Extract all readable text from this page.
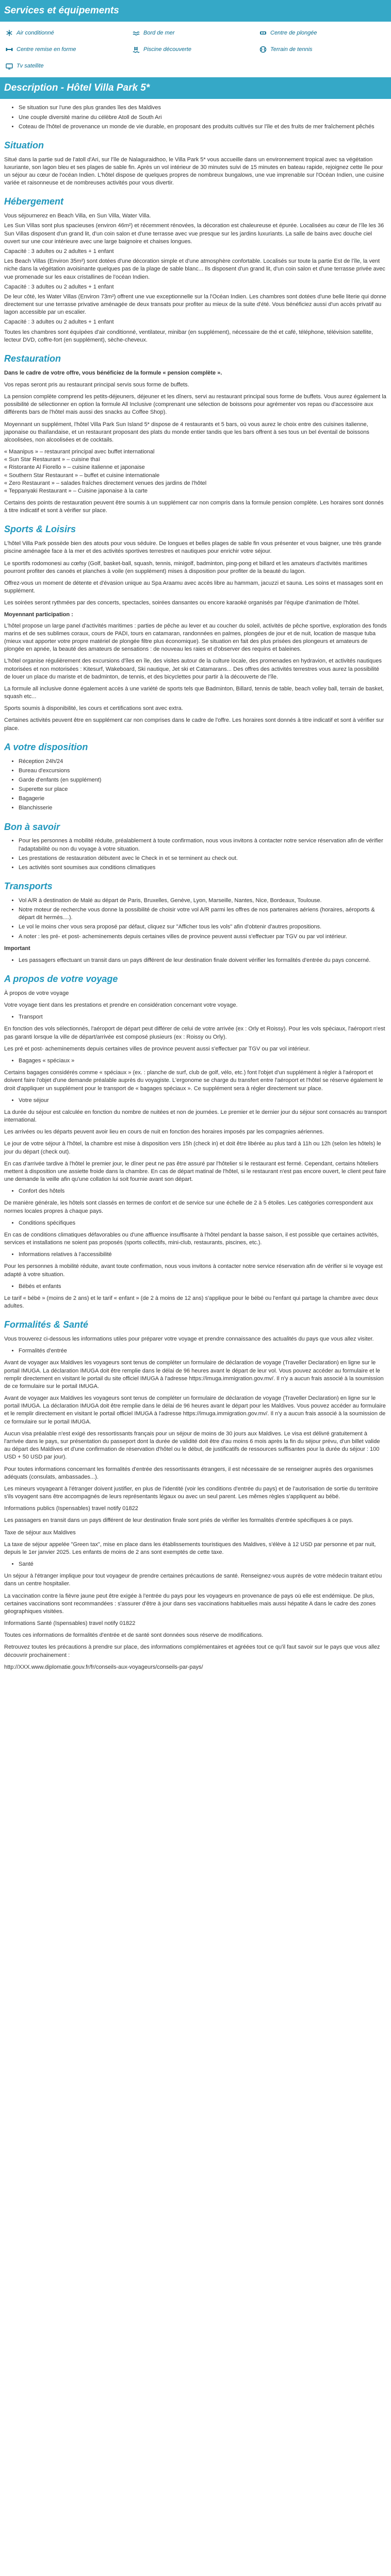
Services et équipements
Air conditionné	Bord de mer	Centre de plongée
Centre remise en forme	Piscine découverte	Terrain de tennis
Tv satellite
Description - Hôtel Villa Park 5*
• Se situation sur l'une des plus grandes îles des Maldives
• Une couple diversité marine du célèbre Atoll de South Ari
• Coteau de l'hôtel de provenance un monde de vie durable, en proposant des produits cultivés sur l'île et des fruits de mer fraîchement pêchés
Situation

Situé dans la partie sud de l'atoll d'Ari, sur l'île de Nalaguraidhoo, le Villa Park 5* vous accueille dans un environnement tropical avec sa végétation luxuriante, son lagon bleu et ses plages de sable fin. Après un vol intérieur de 30 minutes suivi de 15 minutes en bateau rapide, rejoignez cette île pour un séjour au cœur de l'océan Indien. L'hôtel dispose de quelques propres de nombreux bungalows, une vue imprenable sur l'Océan Indien, une cuisine variée et raisonneuse et de nombreuses activités pour vous divertir.

Hébergement

Vous séjournerez en Beach Villa, en Sun Villa, Water Villa.

Les Sun Villas sont plus spacieuses (environ 46m²) et récemment rénovées, la décoration est chaleureuse et épurée. Localisées au cœur de l'île les 36 Sun Villas disposent d'un grand lit, d'un coin salon et d'une terrasse avec vue presque sur les jardins luxuriants. La salle de bains avec douche ciel ouvert sur une cour intérieure avec une large baignoire et chaises longues.

Capacité : 3 adultes ou 2 adultes + 1 enfant

Les Beach Villas (Environ 35m²) sont dotées d'une décoration simple et d'une atmosphère confortable. Localisés sur toute la partie Est de l'île, la vent niche dans la végétation avoisinante quelques pas de la plage de sable blanc... Ils disposent d'un grand lit, d'un coin salon et d'une terrasse privée avec vue promenade sur les eaux cristallines de l'océan Indien.

Capacité : 3 adultes ou 2 adultes + 1 enfant

De leur côté, les Water Villas (Environ 73m²) offrent une vue exceptionnelle sur la l'Océan Indien. Les chambres sont dotées d'une belle literie qui donne directement sur une terrasse privative aménagée de deux transats pour profiter au mieux de la suite d'été. Vous bénéficiez aussi d'un accès privatif au lagon accessible par un escalier.

Capacité : 3 adultes ou 2 adultes + 1 enfant

Toutes les chambres sont équipées d'air conditionné, ventilateur, minibar (en supplément), nécessaire de thé et café, téléphone, télévision satellite, lecteur DVD, coffre-fort (en supplément), sèche-cheveux.

Restauration

Dans le cadre de votre offre, vous bénéficiez de la formule « pension complète ».

Vos repas seront pris au restaurant principal servis sous forme de buffets.

La pension complète comprend les petits-déjeuners, déjeuner et les dîners, servi au restaurant principal sous forme de buffets. Vous aurez également la possibilité de sélectionner en option la formule All Inclusive (comprenant une sélection de boissons pour agrémenter vos repas ou d'accessoire aux différents bars de l'hôtel mais aussi des snacks au Coffee Shop).

Moyennant un supplément, l'hôtel Villa Park Sun Island 5* dispose de 4 restaurants et 5 bars, où vous aurez le choix entre des cuisines italienne, japonaise ou thaïlandaise, et un restaurant proposant des plats du monde entier tandis que les bars offrent à ses tous un bel éventail de boissons alcoolisées, non alcoolisées et de cocktails.

« Maanipus » – restaurant principal avec buffet international
« Sun Star Restaurant » – cuisine thaï
« Ristorante Al Fiorello » – cuisine italienne et japonaise
« Southern Star Restaurant » – buffet et cuisine internationale
« Zero Restaurant » – salades fraîches directement venues des jardins de l'hôtel
« Teppanyaki Restaurant » – Cuisine japonaise à la carte

Certains des points de restauration peuvent être soumis à un supplément car non compris dans la formule pension complète. Les horaires sont donnés à titre indicatif et sont à vérifier sur place.

Sports & Loisirs

L'hôtel Villa Park possède bien des atouts pour vous séduire. De longues et belles plages de sable fin vous présenter et vous baigner, une très grande piscine aménagée face à la mer et des activités sportives terrestres et nautiques pour enrichir votre séjour.

Le sportifs rodomonesi au cœfsy (Golf, basket-ball, squash, tennis, minigolf, badminton, ping-pong et billard et les amateurs d'activités maritimes pourront profiter des canoës et planches à voile (en supplément) mises à disposition pour profiter de la beauté du lagon.

Offrez-vous un moment de détente et d'évasion unique au Spa Araamu avec accès libre au hammam, jacuzzi et sauna. Les soins et massages sont en supplément.

Les soirées seront rythmées par des concerts, spectacles, soirées dansantes ou encore karaoké organisés par l'équipe d'animation de l'hôtel.

Moyennant participation :

L'hôtel propose un large panel d'activités maritimes : parties de pêche au lever et au coucher du soleil, activités de pêche sportive, exploration des fonds marins et de ses sublimes coraux, cours de PADI, tours en catamaran, randonnées en palmes, plongées de jour et de nuit, location de masque tuba (mieux vaut apporter votre propre matériel de plongée filtre plus économique). Se situation en fait des plus prisées des plongeurs et amateurs de plongée en apnée, la beauté des amateurs de sensations : de nouveau les raies et d'observer des requins et baleines.

L'hôtel organise régulièrement des excursions d'îles en île, des visites autour de la culture locale, des promenades en hydravion, et activités nautiques motorisées et non motorisées : Kitesurf, Wakeboard, Ski nautique, Jet ski et Catamarans... Des offres des activités terrestres vous aurez la possibilité de louer un place du mariste et de badminton, de tennis, et des bicyclettes pour partir à la découverte de l'île.

La formule all inclusive donne également accès à une variété de sports tels que Badminton, Billard, tennis de table, beach volley ball, terrain de basket, squash etc...

Sports soumis à disponibilité, les cours et certifications sont avec extra.

Certaines activités peuvent être en supplément car non comprises dans le cadre de l'offre. Les horaires sont donnés à titre indicatif et sont à vérifier sur place.

A votre disposition
• Réception 24h/24
• Bureau d'excursions
• Garde d'enfants (en supplément)
• Superette sur place
• Bagagerie
• Blanchisserie
Bon à savoir
• Pour les personnes à mobilité réduite, préalablement à toute confirmation, nous vous invitons à contacter notre service réservation afin de vérifier l'adaptabilité ou non du voyage à votre situation.
• Les prestations de restauration débutent avec le Check in et se terminent au check out.
• Les activités sont soumises aux conditions climatiques
Transports
• Vol A/R à destination de Malé au départ de Paris, Bruxelles, Genève, Lyon, Marseille, Nantes, Nice, Bordeaux, Toulouse.
• Notre moteur de recherche vous donne la possibilité de choisir votre vol A/R parmi les offres de nos partenaires aériens (horaires, aéroports & départ dit hermès....).
• Le vol le moins cher vous sera proposé par défaut, cliquez sur "Afficher tous les vols" afin d'obtenir d'autres propositions.
• A noter : les pré- et post- acheminements depuis certaines villes de province peuvent aussi s'effectuer par TGV ou par vol intérieur.

Important

• Les passagers effectuant un transit dans un pays différent de leur destination finale doivent vérifier les formalités d'entrée du pays concerné.
A propos de votre voyage

À propos de votre voyage

Votre voyage tient dans les prestations et prendre en considération concernant votre voyage.

• Transport

En fonction des vols sélectionnés, l'aéroport de départ peut différer de celui de votre arrivée (ex : Orly et Roissy). Pour les vols spéciaux, l'aéroport n'est pas garanti lorsque la ville de départ/arrivée est composé plusieurs (ex : Roissy ou Orly).

Les pré et post- acheminements depuis certaines villes de province peuvent aussi s'effectuer par TGV ou par vol intérieur.

• Bagages « spéciaux »

Certains bagages considérés comme « spéciaux » (ex. : planche de surf, club de golf, vélo, etc.) font l'objet d'un supplément à régler à l'aéroport et doivent faire l'objet d'une demande préalable auprès du voyagiste. L'ergonome se charge du transfert entre l'aéroport et l'hôtel se réserve également le droit d'appliquer un supplément pour le transport de « bagages spéciaux ». Ce supplément sera à régler directement sur place.

• Votre séjour

La durée du séjour est calculée en fonction du nombre de nuitées et non de journées. Le premier et le dernier jour du séjour sont consacrés au transport international.

Les arrivées ou les départs peuvent avoir lieu en cours de nuit en fonction des horaires imposés par les compagnies aériennes.

Le jour de votre séjour à l'hôtel, la chambre est mise à disposition vers 15h (check in) et doit être libérée au plus tard à 11h ou 12h (selon les hôtels) le jour du départ (check out).

En cas d'arrivée tardive à l'hôtel le premier jour, le dîner peut ne pas être assuré par l'hôtelier si le restaurant est fermé. Cependant, certains hôteliers mettent à disposition une assiette froide dans la chambre. En cas de départ matinal de l'hôtel, si le restaurant n'est pas encore ouvert, le client peut faire une demande la veille afin qu'une collation lui soit fournie avant son départ.

• Confort des hôtels

De manière générale, les hôtels sont classés en termes de confort et de service sur une échelle de 2 à 5 étoiles. Les catégories correspondent aux normes locales propres à chaque pays.

• Conditions spécifiques

En cas de conditions climatiques défavorables ou d'une affluence insuffisante à l'hôtel pendant la basse saison, il est possible que certaines activités, services et installations ne soient pas proposés (sports collectifs, mini-club, restaurants, piscines, etc.).

• Informations relatives à l'accessibilité

Pour les personnes à mobilité réduite, avant toute confirmation, nous vous invitons à contacter notre service réservation afin de vérifier si le voyage est adapté à votre situation.

• Bébés et enfants

Le tarif « bébé » (moins de 2 ans) et le tarif « enfant » (de 2 à moins de 12 ans) s'applique pour le bébé ou l'enfant qui partage la chambre avec deux adultes.

Formalités & Santé

Vous trouverez ci-dessous les informations utiles pour préparer votre voyage et prendre connaissance des actualités du pays que vous allez visiter.

• Formalités d'entrée

Avant de voyager aux Maldives les voyageurs sont tenus de compléter un formulaire de déclaration de voyage (Traveller Declaration) en ligne sur le portail IMUGA. La déclaration IMUGA doit être remplie dans le délai de 96 heures avant le départ de leur vol. Vous pouvez accéder au formulaire et le remplir directement en visitant le portail du site officiel IMUGA à l'adresse https://imuga.immigration.gov.mv/. Il n'y a aucun frais associé à la soumission de ce formulaire sur le portail IMUGA.

Avant de voyager aux Maldives les voyageurs sont tenus de compléter un formulaire de déclaration de voyage (Traveller Declaration) en ligne sur le portail IMUGA. La déclaration IMUGA doit être remplie dans le délai de 96 heures avant le départ pour les Maldives. Vous pouvez accéder au formulaire et le remplir directement en visitant le portail officiel IMUGA à l'adresse https://imuga.immigration.gov.mv/. Il n'y a aucun frais associé à la soumission de ce formulaire sur le portail IMUGA.

Aucun visa préalable n'est exigé des ressortissants français pour un séjour de moins de 30 jours aux Maldives. Le visa est délivré gratuitement à l'arrivée dans le pays, sur présentation du passeport dont la durée de validité doit être d'au moins 6 mois après la fin du séjour prévu, d'un billet valide au départ des Maldives et d'une confirmation de réservation d'hôtel ou le début, de justificatifs de ressources suffisantes pour la durée du séjour : 100 USD + 50 USD par jour).

Pour toutes informations concernant les formalités d'entrée des ressortissants étrangers, il est nécessaire de se renseigner auprès des organismes adéquats (consulats, ambassades...).

Les mineurs voyageant à l'étranger doivent justifier, en plus de l'identité (voir les conditions d'entrée du pays) et de l'autorisation de sortie du territoire s'ils voyagent sans être accompagnés de leurs représentants légaux ou avec un seul parent. Les mêmes règles s'appliquent au bébé.

Informations publics (Ispensables) travel notify 01822

Les passagers en transit dans un pays différent de leur destination finale sont priés de vérifier les formalités d'entrée spécifiques à ce pays.

Taxe de séjour aux Maldives

La taxe de séjour appelée "Green tax", mise en place dans les établissements touristiques des Maldives, s'élève à 12 USD par personne et par nuit, depuis le 1er janvier 2025. Les enfants de moins de 2 ans sont exemptés de cette taxe.

• Santé

Un séjour à l'étranger implique pour tout voyageur de prendre certaines précautions de santé. Renseignez-vous auprès de votre médecin traitant et/ou dans un centre hospitalier.

La vaccination contre la fièvre jaune peut être exigée à l'entrée du pays pour les voyageurs en provenance de pays où elle est endémique. De plus, certaines vaccinations sont recommandées : s'assurer d'être à jour dans ses vaccinations habituelles mais aussi hépatite A dans le cadre des zones géographiques visitées.

Informations Santé (Ispensables) travel notify 01822

Toutes ces informations de formalités d'entrée et de santé sont données sous réserve de modifications.

Retrouvez toutes les précautions à prendre sur place, des informations complémentaires et agréées tout ce qu'il faut savoir sur le pays que vous allez découvrir prochainement :

http://XXX.www.diplomatie.gouv.fr/fr/conseils-aux-voyageurs/conseils-par-pays/
